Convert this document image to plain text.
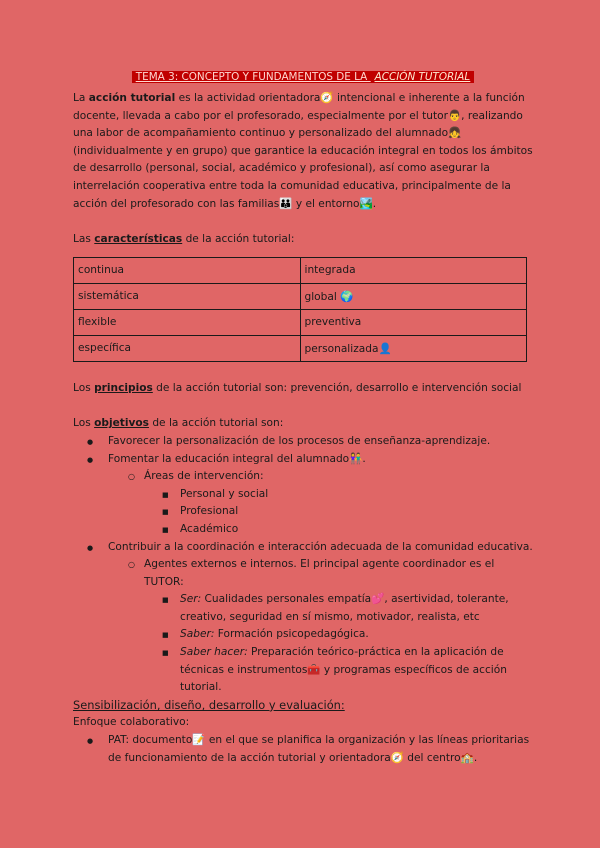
TEMA 3: CONCEPTO Y FUNDAMENTOS DE LA ACCIÓN TUTORIAL

La acción tutorial es la actividad orientadora🧭 intencional e inherente a la función docente, llevada a cabo por el profesorado, especialmente por el tutor👨, realizando una labor de acompañamiento continuo y personalizado del alumnado👧 (individualmente y en grupo) que garantice la educación integral en todos los ámbitos de desarrollo (personal, social, académico y profesional), así como asegurar la interrelación cooperativa entre toda la comunidad educativa, principalmente de la acción del profesorado con las familias👪 y el entorno🏞️.

Las características de la acción tutorial:

continua	integrada
sistemática	global 🌍
flexible	preventiva
específica	personalizada👤

Los principios de la acción tutorial son: prevención, desarrollo e intervención social

Los objetivos de la acción tutorial son:

● Favorecer la personalización de los procesos de enseñanza-aprendizaje.
● Fomentar la educación integral del alumnado👫.
○ Áreas de intervención:
■ Personal y social
■ Profesional
■ Académico
● Contribuir a la coordinación e interacción adecuada de la comunidad educativa.
○ Agentes externos e internos. El principal agente coordinador es el TUTOR:
■ Ser: Cualidades personales empatía💕, asertividad, tolerante, creativo, seguridad en sí mismo, motivador, realista, etc
■ Saber: Formación psicopedagógica.
■ Saber hacer: Preparación teórico-práctica en la aplicación de técnicas e instrumentos🧰 y programas específicos de acción tutorial.

Sensibilización, diseño, desarrollo y evaluación:

Enfoque colaborativo:

● PAT: documento📝 en el que se planifica la organización y las líneas prioritarias de funcionamiento de la acción tutorial y orientadora🧭 del centro🏫.
